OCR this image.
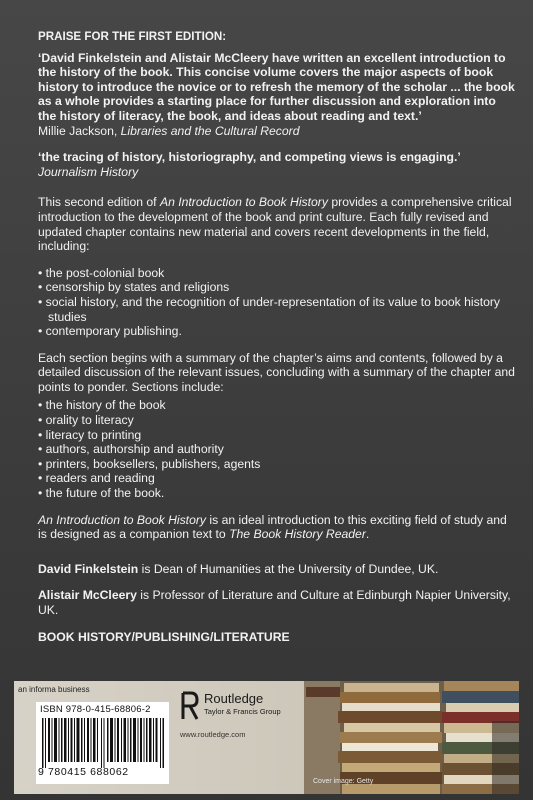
PRAISE FOR THE FIRST EDITION:

‘David Finkelstein and Alistair McCleery have written an excellent introduction to the history of the book. This concise volume covers the major aspects of book history to introduce the novice or to refresh the memory of the scholar ... the book as a whole provides a starting place for further discussion and exploration into the history of literacy, the book, and ideas about reading and text.’

Millie Jackson, Libraries and the Cultural Record

‘the tracing of history, historiography, and competing views is engaging.’

Journalism History

This second edition of An Introduction to Book History provides a comprehensive critical introduction to the development of the book and print culture. Each fully revised and updated chapter contains new material and covers recent developments in the field, including:

• the post-colonial book
• censorship by states and religions
• social history, and the recognition of under-representation of its value to book history studies
• contemporary publishing.

Each section begins with a summary of the chapter’s aims and contents, followed by a detailed discussion of the relevant issues, concluding with a summary of the chapter and points to ponder. Sections include:

• the history of the book
• orality to literacy
• literacy to printing
• authors, authorship and authority
• printers, booksellers, publishers, agents
• readers and reading
• the future of the book.

An Introduction to Book History is an ideal introduction to this exciting field of study and is designed as a companion text to The Book History Reader.

David Finkelstein is Dean of Humanities at the University of Dundee, UK.

Alistair McCleery is Professor of Literature and Culture at Edinburgh Napier University, UK.

BOOK HISTORY/PUBLISHING/LITERATURE
an informa business
ISBN 978-0-415-68806-2
9 780415 688062
Routledge
Taylor & Francis Group
www.routledge.com
Cover image: Getty
